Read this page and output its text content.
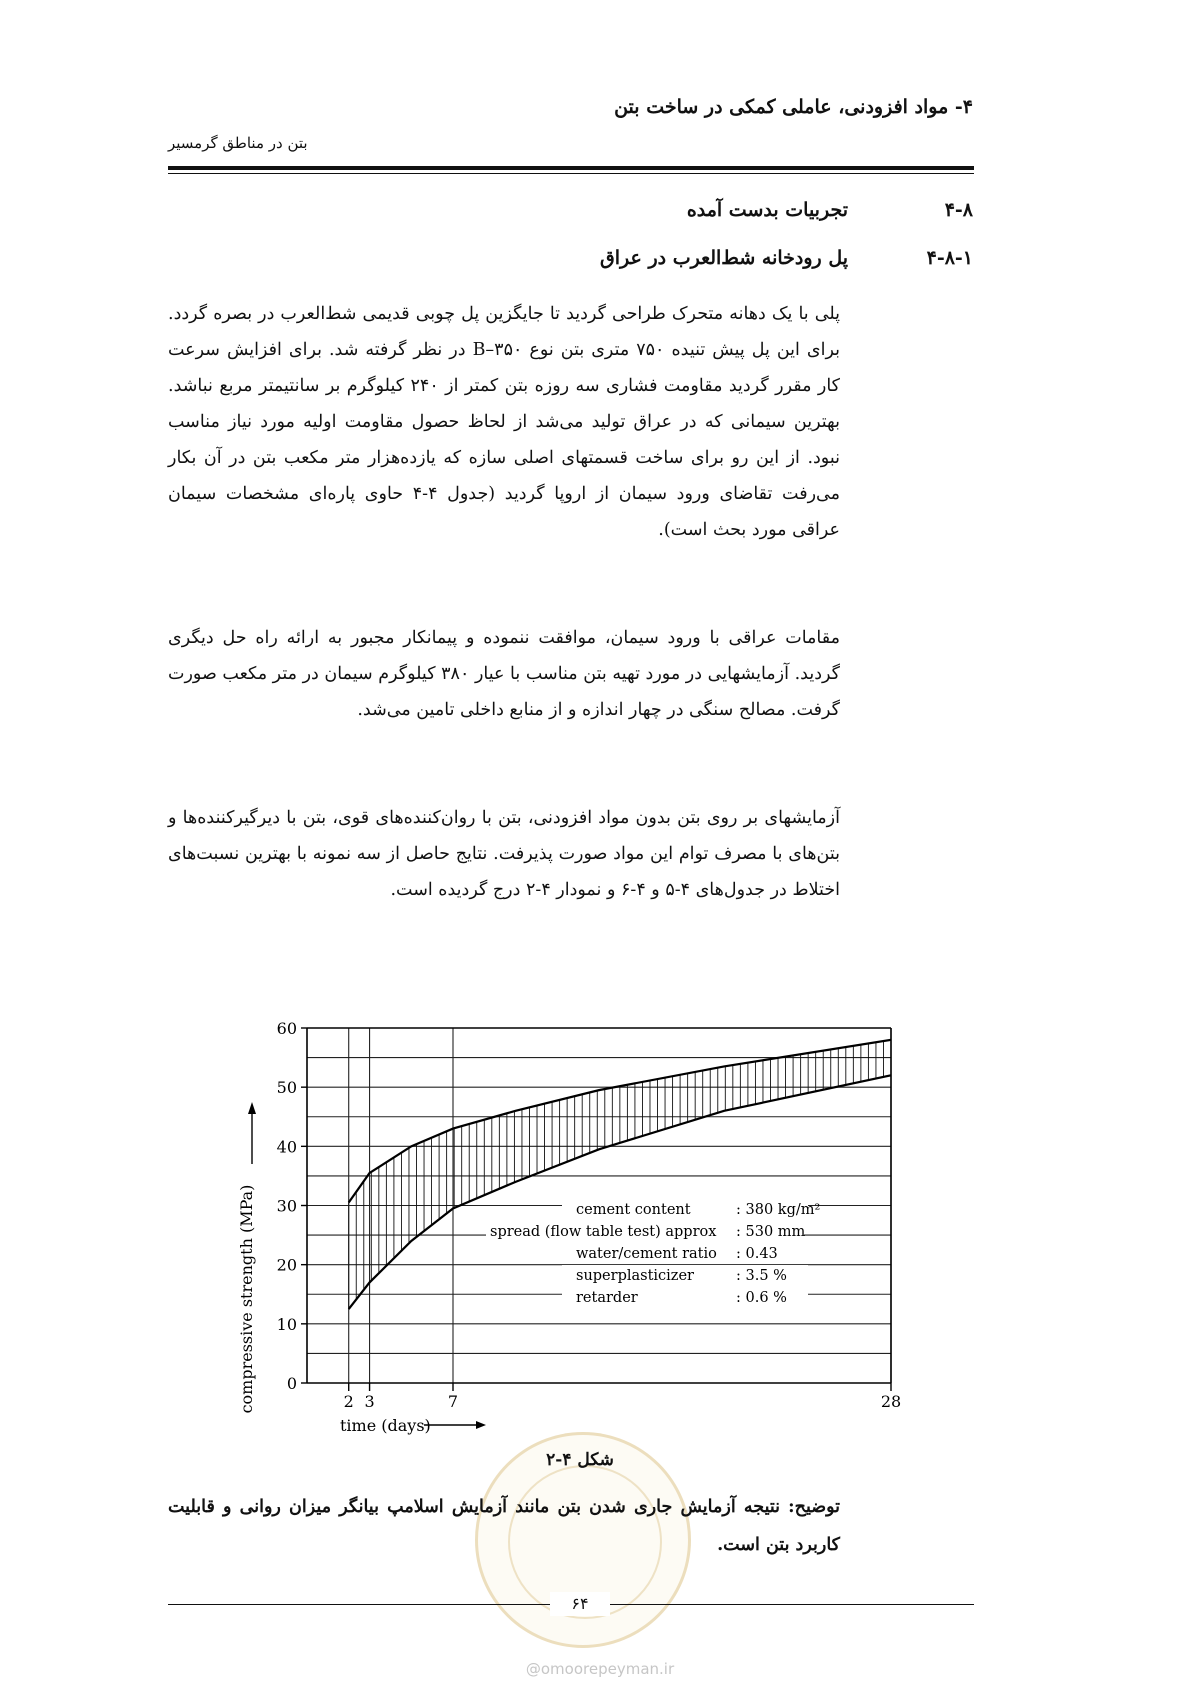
۴- مواد افزودنی، عاملی کمکی در ساخت بتن
بتن در مناطق گرمسیر
۴-۸
تجربیات بدست آمده
۴-۸-۱
پل رودخانه شط‌العرب در عراق

پلی با یک دهانه متحرک طراحی گردید تا جایگزین پل چوبی قدیمی شط‌العرب در بصره گردد. برای این پل پیش تنیده ۷۵۰ متری بتن نوع B–۳۵۰ در نظر گرفته شد. برای افزایش سرعت کار مقرر گردید مقاومت فشاری سه روزه بتن کمتر از ۲۴۰ کیلوگرم بر سانتیمتر مربع نباشد. بهترین سیمانی که در عراق تولید می‌شد از لحاظ حصول مقاومت اولیه مورد نیاز مناسب نبود. از این رو برای ساخت قسمتهای اصلی سازه که یازده‌هزار متر مکعب بتن در آن بکار می‌رفت تقاضای ورود سیمان از اروپا گردید (جدول ۴-۴ حاوی پاره‌ای مشخصات سیمان عراقی مورد بحث است).

مقامات عراقی با ورود سیمان، موافقت ننموده و پیمانکار مجبور به ارائه راه حل دیگری گردید. آزمایشهایی در مورد تهیه بتن مناسب با عیار ۳۸۰ کیلوگرم سیمان در متر مکعب صورت گرفت. مصالح سنگی در چهار اندازه و از منابع داخلی تامین می‌شد.

آزمایشهای بر روی بتن بدون مواد افزودنی، بتن با روان‌کننده‌های قوی، بتن با دیرگیرکننده‌ها و بتن‌های با مصرف توام این مواد صورت پذیرفت. نتایج حاصل از سه نمونه با بهترین نسبت‌های اختلاط در جدول‌های ۴-۵ و ۴-۶ و نمودار ۴-۲ درج گردیده است.

0
10
20
30
40
50
60
2 3	7	28
time (days)
compressive strength (MPa)	cement content	: 380 kg/m²
spread (flow table test) approx : 530 mm
water/cement ratio : 0.43
superplasticizer	: 3.5 %
retarder	: 0.6 %
شکل ۴-۲

توضیح: نتیجه آزمایش جاری شدن بتن مانند آزمایش اسلامپ بیانگر میزان روانی و قابلیت کاربرد بتن است.

۶۴
@omoorepeyman.ir
